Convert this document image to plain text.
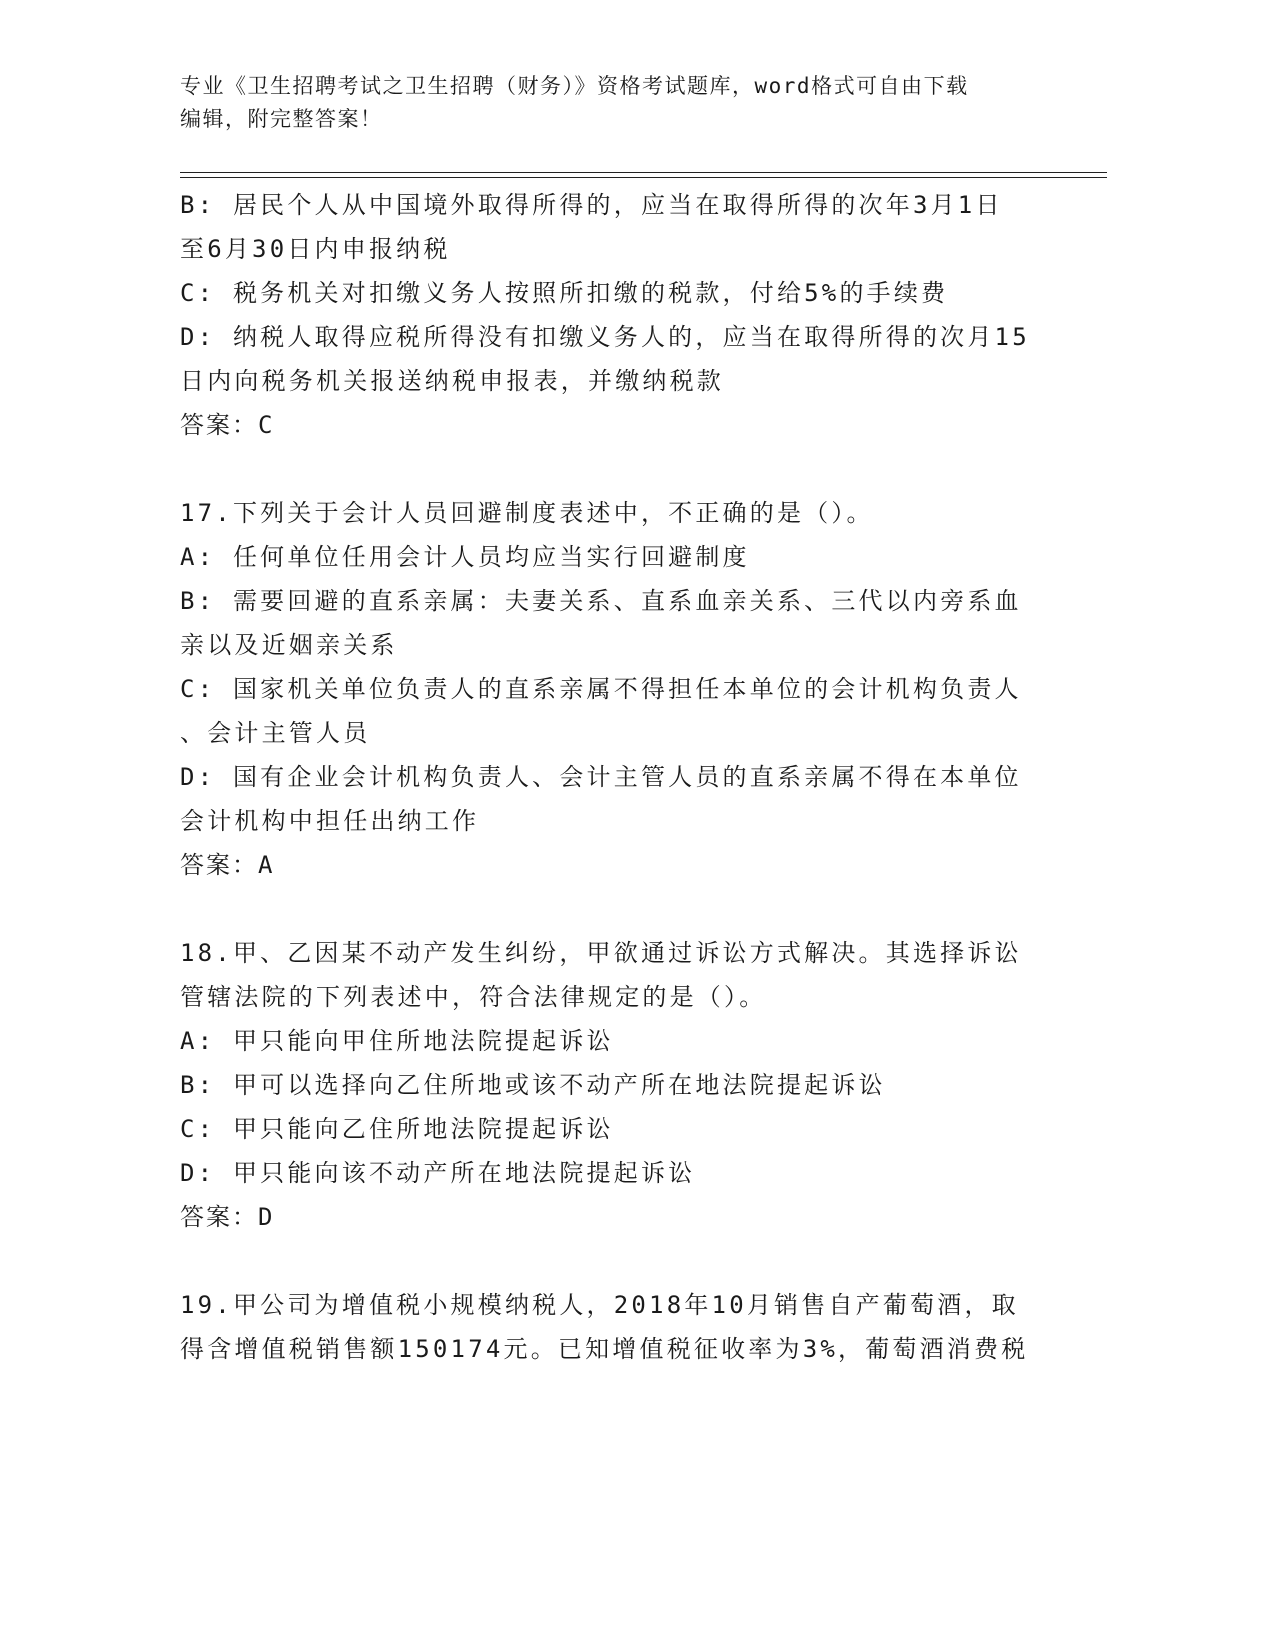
专业《卫生招聘考试之卫生招聘（财务）》资格考试题库，word格式可自由下载
编辑，附完整答案！
B: 居民个人从中国境外取得所得的，应当在取得所得的次年3月1日
至6月30日内申报纳税
C: 税务机关对扣缴义务人按照所扣缴的税款，付给5%的手续费
D: 纳税人取得应税所得没有扣缴义务人的，应当在取得所得的次月15
日内向税务机关报送纳税申报表，并缴纳税款
答案：C
17.下列关于会计人员回避制度表述中，不正确的是（）。
A: 任何单位任用会计人员均应当实行回避制度
B: 需要回避的直系亲属：夫妻关系、直系血亲关系、三代以内旁系血
亲以及近姻亲关系
C: 国家机关单位负责人的直系亲属不得担任本单位的会计机构负责人
、会计主管人员
D: 国有企业会计机构负责人、会计主管人员的直系亲属不得在本单位
会计机构中担任出纳工作
答案：A
18.甲、乙因某不动产发生纠纷，甲欲通过诉讼方式解决。其选择诉讼
管辖法院的下列表述中，符合法律规定的是（）。
A: 甲只能向甲住所地法院提起诉讼
B: 甲可以选择向乙住所地或该不动产所在地法院提起诉讼
C: 甲只能向乙住所地法院提起诉讼
D: 甲只能向该不动产所在地法院提起诉讼
答案：D
19.甲公司为增值税小规模纳税人，2018年10月销售自产葡萄酒，取
得含增值税销售额150174元。已知增值税征收率为3%，葡萄酒消费税
